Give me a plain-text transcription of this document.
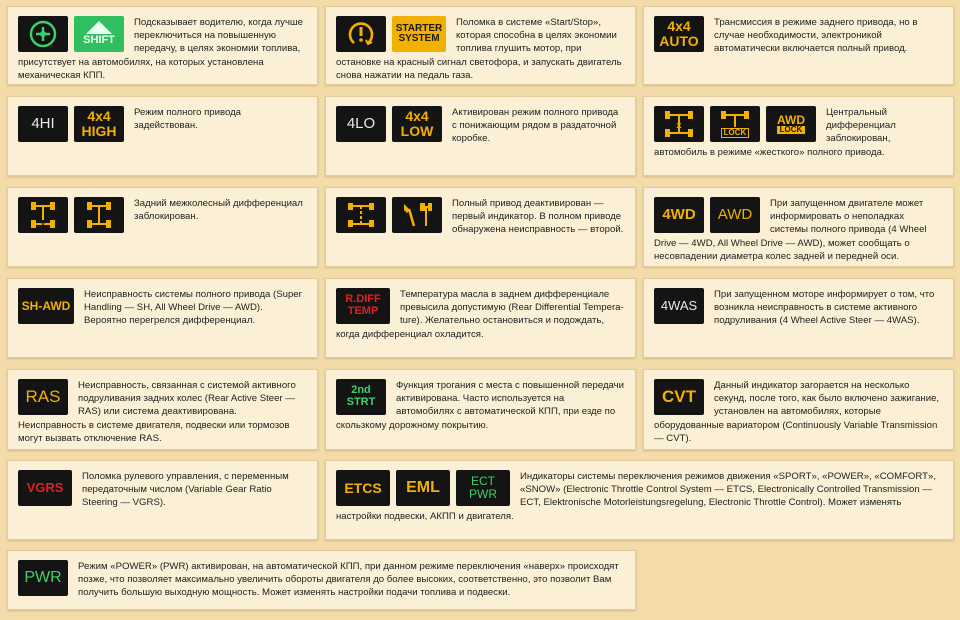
SHIFT
Подсказывает водителю, когда лучше переключиться на повышенную передачу, в целях экономии топлива, присутствует на автомобилях, на которых установлена механическая КПП.
STARTER
SYSTEM
Поломка в системе «Start/Stop», которая способна в целях экономии топлива глушить мотор, при остановке на красный сигнал светофора, и запускать двигатель снова нажатии на педаль газа.
4x4
AUTO
Трансмиссия в режиме заднего привода, но в случае необходимости, электроникой автоматически включается полный привод.
4HI 4x4
HIGH
Режим полного привода задействован.	4LO 4x4
LOW
Активирован режим полного привода с понижающим рядом в раздаточной коробке.
x
LOCK
AWD
LOCK
Центральный дифференциал заблокирован, автомобиль в режиме «жесткого» полного привода.
x
Задний межколесный дифференциал заблокирован.
Полный привод деактивирован — первый индикатор. В полном приводе обнаружена неисправность — второй.
4WD AWD
При запущенном двигателе может информировать о неполадках системы полного привода (4 Wheel Drive — 4WD, All Wheel Drive — AWD), может сообщать о несовпадении диаметра колес задней и передней оси.
SH-AWD
Неисправность системы полного привода (Super Handling — SH, All Wheel Drive — AWD). Вероятно перегрелся дифференциал.
R.DIFF
TEMP
Температура масла в заднем дифференциале превысила допустимую (Rear Differential Tempera-ture). Желательно остановиться и подождать, когда дифференциал охладится.
4WAS
При запущенном моторе информирует о том, что возникла неисправность в системе активного подруливания (4 Wheel Active Steer — 4WAS).
RAS
Неисправность, связанная с системой активного подруливания задних колес (Rear Active Steer — RAS) или система деактивирована. Неисправность в системе двигателя, подвески или тормозов могут вызвать отключение RAS.
2nd
STRT
Функция трогания с места с повышенной передачи активирована. Часто используется на автомобилях с автоматической КПП, при езде по скользкому дорожному покрытию.
CVT
Данный индикатор загорается на несколько секунд, после того, как было включено зажигание, установлен на автомобилях, которые оборудованные вариатором (Continuously Variable Transmission — CVT).
VGRS
Поломка рулевого управления, с переменным передаточным числом (Variable Gear Ratio Steering — VGRS).
ETCS EML	ECT
PWR
Индикаторы системы переключения режимов движения «SPORT», «POWER», «COMFORT», «SNOW» (Electronic Throttle Control System — ETCS, Electronically Controlled Transmission — ECT, Elektronische Motorleistungsregelung, Electronic Throttle Control). Может изменять настройки подвески, АКПП и двигателя.
PWR
Режим «POWER» (PWR) активирован, на автоматической КПП, при данном режиме переключения «наверх» происходят позже, что позволяет максимально увеличить обороты двигателя до более высоких, соответственно, это позволит Вам получить большую выходную мощность. Может изменять настройки подачи топлива и подвески.
